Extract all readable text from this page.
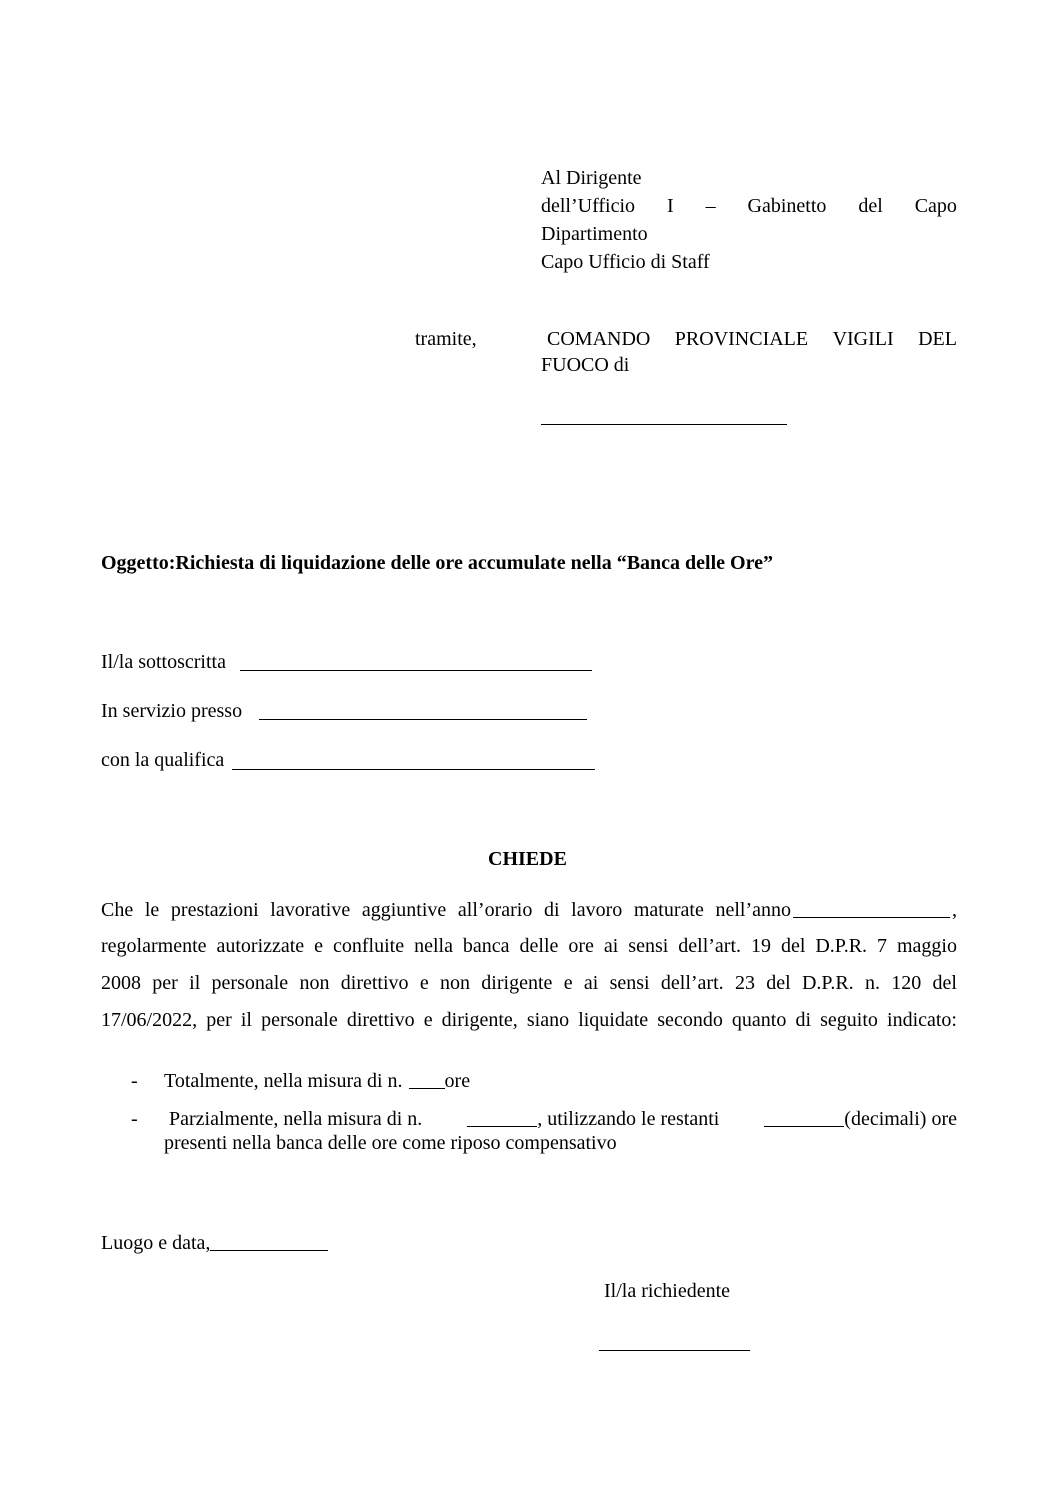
Al Dirigente
dell’Ufficio I – Gabinetto del Capo
Dipartimento
Capo Ufficio di Staff
tramite,	COMANDO PROVINCIALE VIGILI DEL
FUOCO di
Oggetto:Richiesta di liquidazione delle ore accumulate nella “Banca delle Ore”
Il/la sottoscritta
In servizio presso
con la qualifica
CHIEDE
Che le prestazioni lavorative aggiuntive all’orario di lavoro maturate nell’anno	,
regolarmente autorizzate e confluite nella banca delle ore ai sensi dell’art. 19 del D.P.R. 7 maggio
2008 per il personale non direttivo e non dirigente e ai sensi dell’art. 23 del D.P.R. n. 120 del
17/06/2022, per il personale direttivo e dirigente, siano liquidate secondo quanto di seguito indicato:
- Totalmente, nella misura di n. ore
- Parzialmente, nella misura di n.	, utilizzando le restanti	(decimali) ore
presenti nella banca delle ore come riposo compensativo
Luogo e data,
Il/la richiedente
